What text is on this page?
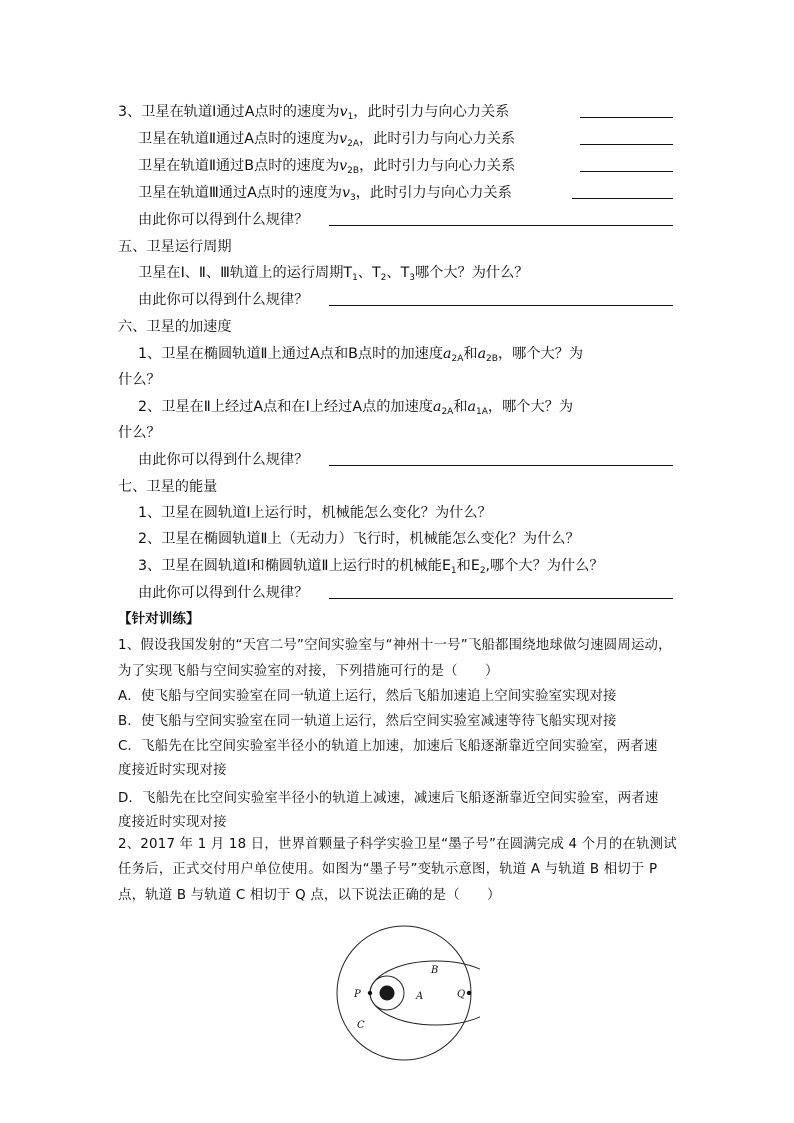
3、卫星在轨道Ⅰ通过A点时的速度为$v_1$，此时引力与向心力关系
卫星在轨道Ⅱ通过A点时的速度为$v_{2A}$，此时引力与向心力关系
卫星在轨道Ⅱ通过B点时的速度为$v_{2B}$，此时引力与向心力关系
卫星在轨道Ⅲ通过A点时的速度为$v_3$，此时引力与向心力关系
由此你可以得到什么规律？
五、卫星运行周期
卫星在Ⅰ、Ⅱ、Ⅲ轨道上的运行周期$T_1$、$T_2$、$T_3$哪个大？为什么？
由此你可以得到什么规律？
六、卫星的加速度
1、卫星在椭圆轨道Ⅱ上通过A点和B点时的加速度$a_{2A}$和$a_{2B}$，哪个大？为
什么？
2、卫星在Ⅱ上经过A点和在Ⅰ上经过A点的加速度$a_{2A}$和$a_{1A}$，哪个大？为
什么？
由此你可以得到什么规律？
七、卫星的能量
1、卫星在圆轨道Ⅰ上运行时，机械能怎么变化？为什么？
2、卫星在椭圆轨道Ⅱ上（无动力）飞行时，机械能怎么变化？为什么？
3、卫星在圆轨道Ⅰ和椭圆轨道Ⅱ上运行时的机械能$E_1$和$E_2$,哪个大？为什么？
由此你可以得到什么规律？
【针对训练】
1、假设我国发射的“天宫二号”空间实验室与“神州十一号”飞船都围绕地球做匀速圆周运动，
为了实现飞船与空间实验室的对接，下列措施可行的是（　　）
A．使飞船与空间实验室在同一轨道上运行，然后飞船加速追上空间实验室实现对接
B．使飞船与空间实验室在同一轨道上运行，然后空间实验室减速等待飞船实现对接
C．飞船先在比空间实验室半径小的轨道上加速，加速后飞船逐渐靠近空间实验室，两者速
度接近时实现对接
D．飞船先在比空间实验室半径小的轨道上减速，减速后飞船逐渐靠近空间实验室，两者速
度接近时实现对接
2、2017 年 1 月 18 日，世界首颗量子科学实验卫星“墨子号”在圆满完成 4 个月的在轨测试
任务后，正式交付用户单位使用。如图为“墨子号”变轨示意图，轨道 A 与轨道 B 相切于 P
点，轨道 B 与轨道 C 相切于 Q 点，以下说法正确的是（　　）
P	Q
A
B
C
